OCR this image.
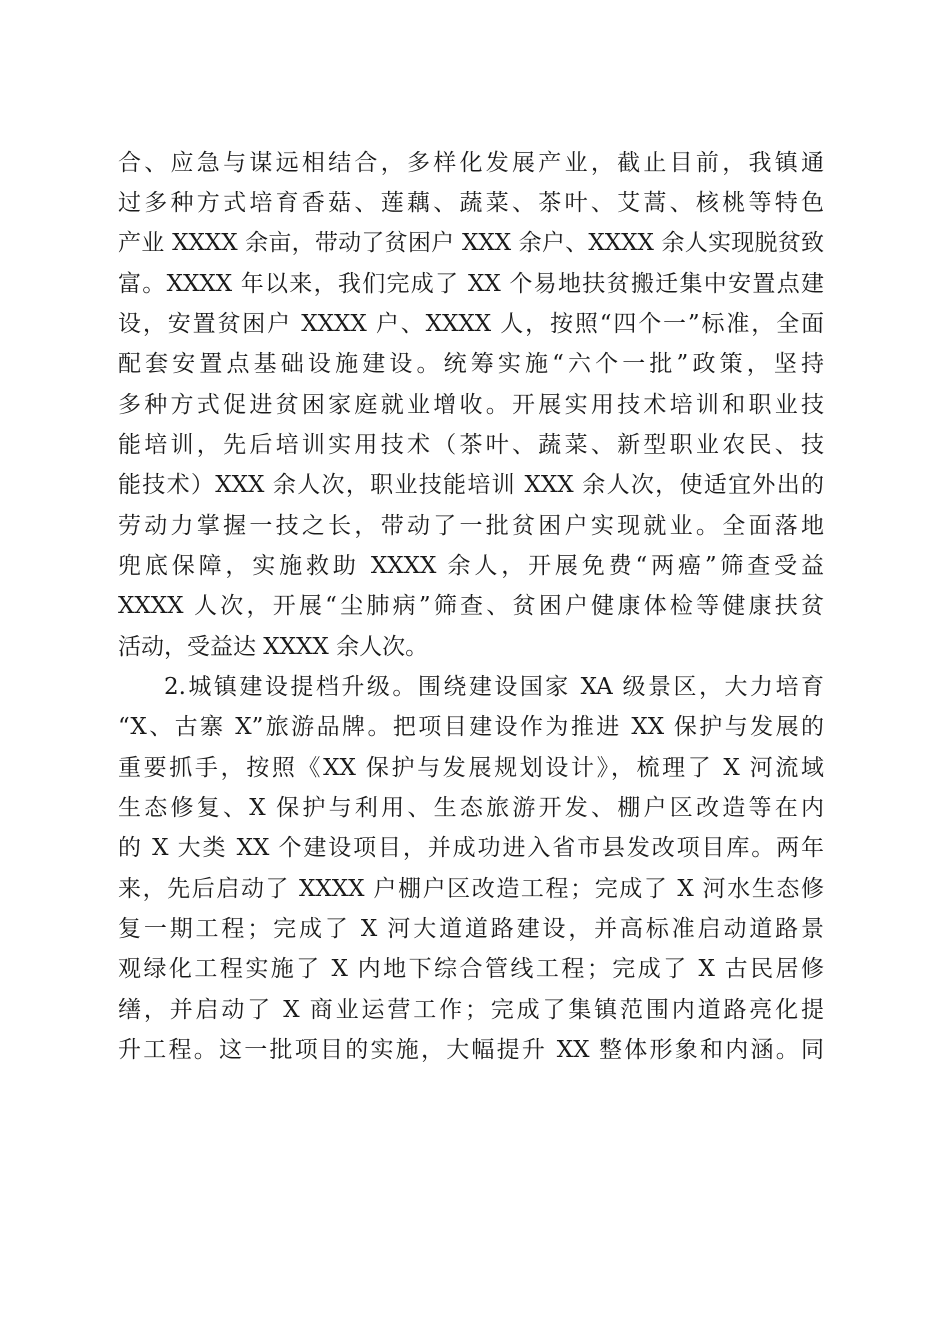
合、应急与谋远相结合，多样化发展产业，截止目前，我镇通
过多种方式培育香菇、莲藕、蔬菜、茶叶、艾蒿、核桃等特色
产业 XXXX 余亩，带动了贫困户 XXX 余户、XXXX 余人实现脱贫致
富。XXXX 年以来，我们完成了 XX 个易地扶贫搬迁集中安置点建
设，安置贫困户 XXXX 户、XXXX 人，按照“四个一”标准，全面
配套安置点基础设施建设。统筹实施“六个一批”政策，坚持
多种方式促进贫困家庭就业增收。开展实用技术培训和职业技
能培训，先后培训实用技术（茶叶、蔬菜、新型职业农民、技
能技术）XXX 余人次，职业技能培训 XXX 余人次，使适宜外出的
劳动力掌握一技之长，带动了一批贫困户实现就业。全面落地
兜底保障，实施救助 XXXX 余人，开展免费“两癌”筛查受益
XXXX 人次，开展“尘肺病”筛查、贫困户健康体检等健康扶贫
活动，受益达 XXXX 余人次。
2.城镇建设提档升级。围绕建设国家 XA 级景区，大力培育
“X、古寨 X”旅游品牌。把项目建设作为推进 XX 保护与发展的
重要抓手，按照《XX 保护与发展规划设计》，梳理了 X 河流域
生态修复、X 保护与利用、生态旅游开发、棚户区改造等在内
的 X 大类 XX 个建设项目，并成功进入省市县发改项目库。两年
来，先后启动了 XXXX 户棚户区改造工程；完成了 X 河水生态修
复一期工程；完成了 X 河大道道路建设，并高标准启动道路景
观绿化工程实施了 X 内地下综合管线工程；完成了 X 古民居修
缮，并启动了 X 商业运营工作；完成了集镇范围内道路亮化提
升工程。这一批项目的实施，大幅提升 XX 整体形象和内涵。同
